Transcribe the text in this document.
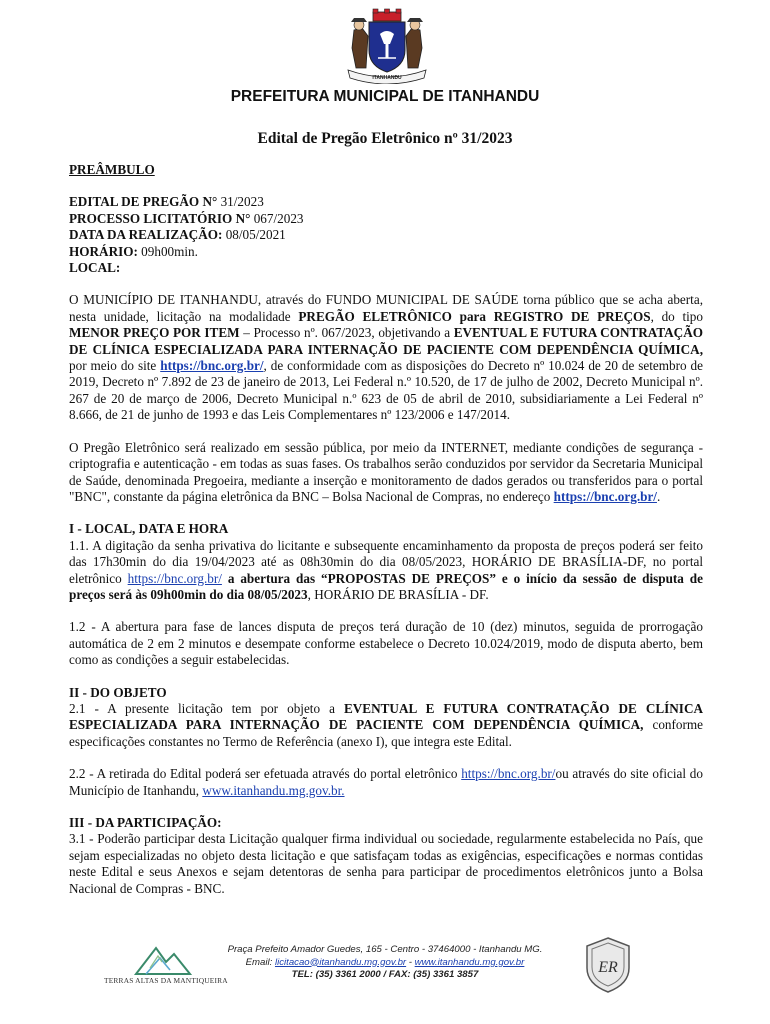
ITANHANDU
PREFEITURA MUNICIPAL DE ITANHANDU
Edital de Pregão Eletrônico nº 31/2023

PREÂMBULO

EDITAL DE PREGÃO N° 31/2023

PROCESSO LICITATÓRIO N° 067/2023

DATA DA REALIZAÇÃO: 08/05/2021

HORÁRIO: 09h00min.

LOCAL:

O MUNICÍPIO DE ITANHANDU, através do FUNDO MUNICIPAL DE SAÚDE torna público que se acha aberta, nesta unidade, licitação na modalidade PREGÃO ELETRÔNICO para REGISTRO DE PREÇOS, do tipo MENOR PREÇO POR ITEM – Processo nº. 067/2023, objetivando a EVENTUAL E FUTURA CONTRATAÇÃO DE CLÍNICA ESPECIALIZADA PARA INTERNAÇÃO DE PACIENTE COM DEPENDÊNCIA QUÍMICA, por meio do site https://bnc.org.br/, de conformidade com as disposições do Decreto nº 10.024 de 20 de setembro de 2019, Decreto nº 7.892 de 23 de janeiro de 2013, Lei Federal n.º 10.520, de 17 de julho de 2002, Decreto Municipal nº. 267 de 20 de março de 2006, Decreto Municipal n.º 623 de 05 de abril de 2010, subsidiariamente a Lei Federal nº 8.666, de 21 de junho de 1993 e das Leis Complementares nº 123/2006 e 147/2014.

O Pregão Eletrônico será realizado em sessão pública, por meio da INTERNET, mediante condições de segurança - criptografia e autenticação - em todas as suas fases. Os trabalhos serão conduzidos por servidor da Secretaria Municipal de Saúde, denominada Pregoeira, mediante a inserção e monitoramento de dados gerados ou transferidos para o portal "BNC", constante da página eletrônica da BNC – Bolsa Nacional de Compras, no endereço https://bnc.org.br/.

I - LOCAL, DATA E HORA

1.1. A digitação da senha privativa do licitante e subsequente encaminhamento da proposta de preços poderá ser feito das 17h30min do dia 19/04/2023 até as 08h30min do dia 08/05/2023, HORÁRIO DE BRASÍLIA-DF, no portal eletrônico https://bnc.org.br/ a abertura das “PROPOSTAS DE PREÇOS” e o início da sessão de disputa de preços será às 09h00min do dia 08/05/2023, HORÁRIO DE BRASÍLIA - DF.

1.2 - A abertura para fase de lances disputa de preços terá duração de 10 (dez) minutos, seguida de prorrogação automática de 2 em 2 minutos e desempate conforme estabelece o Decreto 10.024/2019, modo de disputa aberto, bem como as condições a seguir estabelecidas.

II - DO OBJETO

2.1 - A presente licitação tem por objeto a EVENTUAL E FUTURA CONTRATAÇÃO DE CLÍNICA ESPECIALIZADA PARA INTERNAÇÃO DE PACIENTE COM DEPENDÊNCIA QUÍMICA, conforme especificações constantes no Termo de Referência (anexo I), que integra este Edital.

2.2 - A retirada do Edital poderá ser efetuada através do portal eletrônico https://bnc.org.br/ou através do site oficial do Município de Itanhandu, www.itanhandu.mg.gov.br.

III - DA PARTICIPAÇÃO:

3.1 - Poderão participar desta Licitação qualquer firma individual ou sociedade, regularmente estabelecida no País, que sejam especializadas no objeto desta licitação e que satisfaçam todas as exigências, especificações e normas contidas neste Edital e seus Anexos e sejam detentoras de senha para participar de procedimentos eletrônicos junto a Bolsa Nacional de Compras - BNC.

TERRAS ALTAS DA MANTIQUEIRA
Praça Prefeito Amador Guedes, 165 - Centro - 37464000 - Itanhandu MG.
Email: licitacao@itanhandu.mg.gov.br - www.itanhandu.mg.gov.br
TEL: (35) 3361 2000 / FAX: (35) 3361 3857	ER
